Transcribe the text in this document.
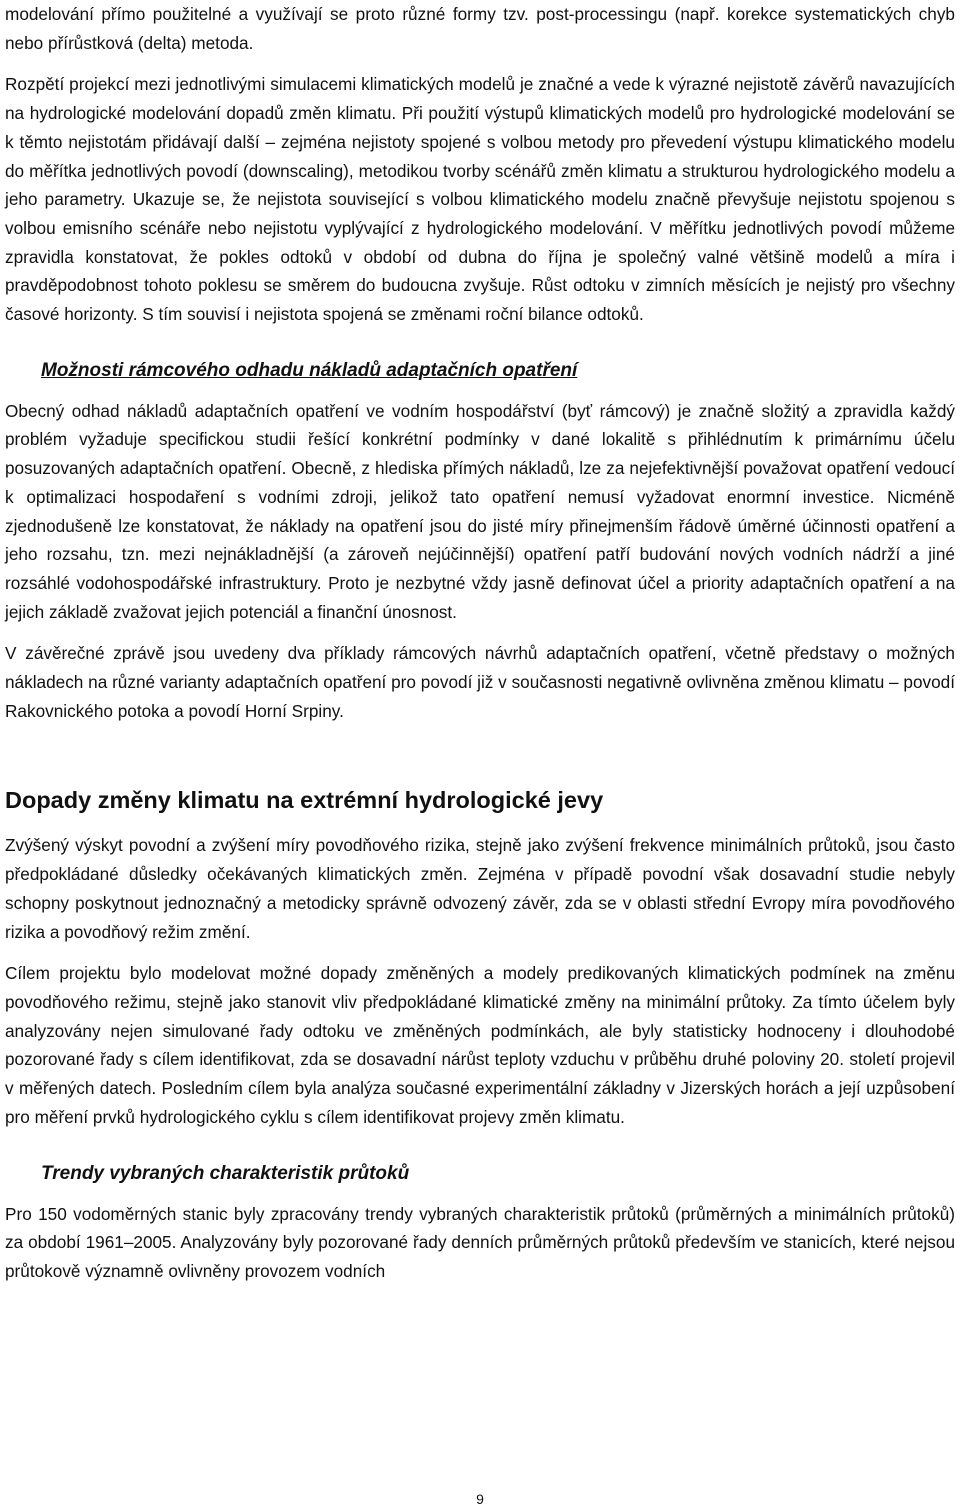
modelování přímo použitelné a využívají se proto různé formy tzv. post-processingu (např. korekce systematických chyb nebo přírůstková (delta) metoda.

Rozpětí projekcí mezi jednotlivými simulacemi klimatických modelů je značné a vede k výrazné nejistotě závěrů navazujících na hydrologické modelování dopadů změn klimatu. Při použití výstupů klimatických modelů pro hydrologické modelování se k těmto nejistotám přidávají další – zejména nejistoty spojené s volbou metody pro převedení výstupu klimatického modelu do měřítka jednotlivých povodí (downscaling), metodikou tvorby scénářů změn klimatu a strukturou hydrologického modelu a jeho parametry. Ukazuje se, že nejistota související s volbou klimatického modelu značně převyšuje nejistotu spojenou s volbou emisního scénáře nebo nejistotu vyplývající z hydrologického modelování. V měřítku jednotlivých povodí můžeme zpravidla konstatovat, že pokles odtoků v období od dubna do října je společný valné většině modelů a míra i pravděpodobnost tohoto poklesu se směrem do budoucna zvyšuje. Růst odtoku v zimních měsících je nejistý pro všechny časové horizonty. S tím souvisí i nejistota spojená se změnami roční bilance odtoků.

Možnosti rámcového odhadu nákladů adaptačních opatření

Obecný odhad nákladů adaptačních opatření ve vodním hospodářství (byť rámcový) je značně složitý a zpravidla každý problém vyžaduje specifickou studii řešící konkrétní podmínky v dané lokalitě s přihlédnutím k primárnímu účelu posuzovaných adaptačních opatření. Obecně, z hlediska přímých nákladů, lze za nejefektivnější považovat opatření vedoucí k optimalizaci hospodaření s vodními zdroji, jelikož tato opatření nemusí vyžadovat enormní investice. Nicméně zjednodušeně lze konstatovat, že náklady na opatření jsou do jisté míry přinejmenším řádově úměrné účinnosti opatření a jeho rozsahu, tzn. mezi nejnákladnější (a zároveň nejúčinnější) opatření patří budování nových vodních nádrží a jiné rozsáhlé vodohospodářské infrastruktury. Proto je nezbytné vždy jasně definovat účel a priority adaptačních opatření a na jejich základě zvažovat jejich potenciál a finanční únosnost.

V závěrečné zprávě jsou uvedeny dva příklady rámcových návrhů adaptačních opatření, včetně představy o možných nákladech na různé varianty adaptačních opatření pro povodí již v současnosti negativně ovlivněna změnou klimatu – povodí Rakovnického potoka a povodí Horní Srpiny.

Dopady změny klimatu na extrémní hydrologické jevy

Zvýšený výskyt povodní a zvýšení míry povodňového rizika, stejně jako zvýšení frekvence minimálních průtoků, jsou často předpokládané důsledky očekávaných klimatických změn. Zejména v případě povodní však dosavadní studie nebyly schopny poskytnout jednoznačný a metodicky správně odvozený závěr, zda se v oblasti střední Evropy míra povodňového rizika a povodňový režim změní.

Cílem projektu bylo modelovat možné dopady změněných a modely predikovaných klimatických podmínek na změnu povodňového režimu, stejně jako stanovit vliv předpokládané klimatické změny na minimální průtoky. Za tímto účelem byly analyzovány nejen simulované řady odtoku ve změněných podmínkách, ale byly statisticky hodnoceny i dlouhodobé pozorované řady s cílem identifikovat, zda se dosavadní nárůst teploty vzduchu v průběhu druhé poloviny 20. století projevil v měřených datech. Posledním cílem byla analýza současné experimentální základny v Jizerských horách a její uzpůsobení pro měření prvků hydrologického cyklu s cílem identifikovat projevy změn klimatu.

Trendy vybraných charakteristik průtoků

Pro 150 vodoměrných stanic byly zpracovány trendy vybraných charakteristik průtoků (průměrných a minimálních průtoků) za období 1961–2005. Analyzovány byly pozorované řady denních průměrných průtoků především ve stanicích, které nejsou průtokově významně ovlivněny provozem vodních

9
